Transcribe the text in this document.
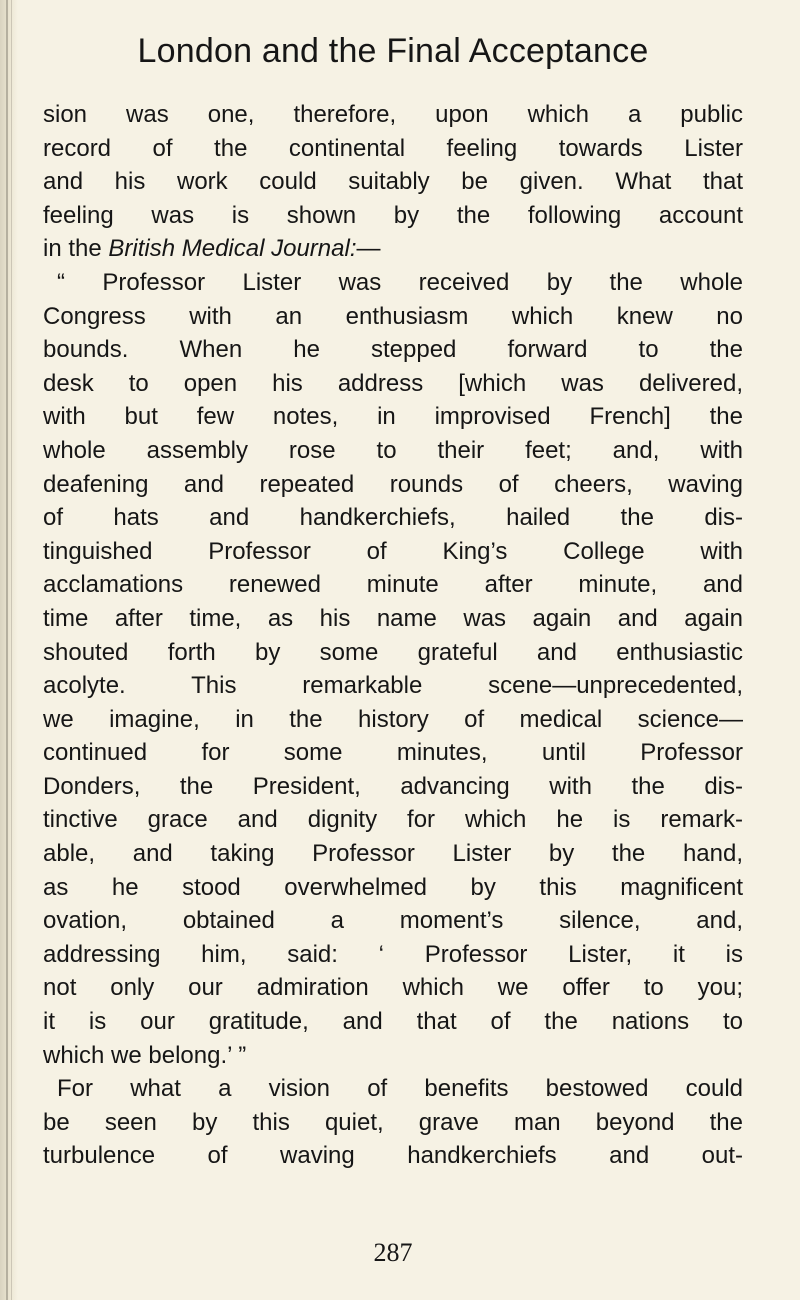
London and the Final Acceptance
sion was one, therefore, upon which a public
record of the continental feeling towards Lister
and his work could suitably be given. What that
feeling was is shown by the following account
in the British Medical Journal:—
“ Professor Lister was received by the whole
Congress with an enthusiasm which knew no
bounds. When he stepped forward to the
desk to open his address [which was delivered,
with but few notes, in improvised French] the
whole assembly rose to their feet; and, with
deafening and repeated rounds of cheers, waving
of hats and handkerchiefs, hailed the dis-
tinguished Professor of King’s College with
acclamations renewed minute after minute, and
time after time, as his name was again and again
shouted forth by some grateful and enthusiastic
acolyte. This remarkable scene—unprecedented,
we imagine, in the history of medical science—
continued for some minutes, until Professor
Donders, the President, advancing with the dis-
tinctive grace and dignity for which he is remark-
able, and taking Professor Lister by the hand,
as he stood overwhelmed by this magnificent
ovation, obtained a moment’s silence, and,
addressing him, said: ‘ Professor Lister, it is
not only our admiration which we offer to you;
it is our gratitude, and that of the nations to
which we belong.’ ”
For what a vision of benefits bestowed could
be seen by this quiet, grave man beyond the
turbulence of waving handkerchiefs and out-
287
